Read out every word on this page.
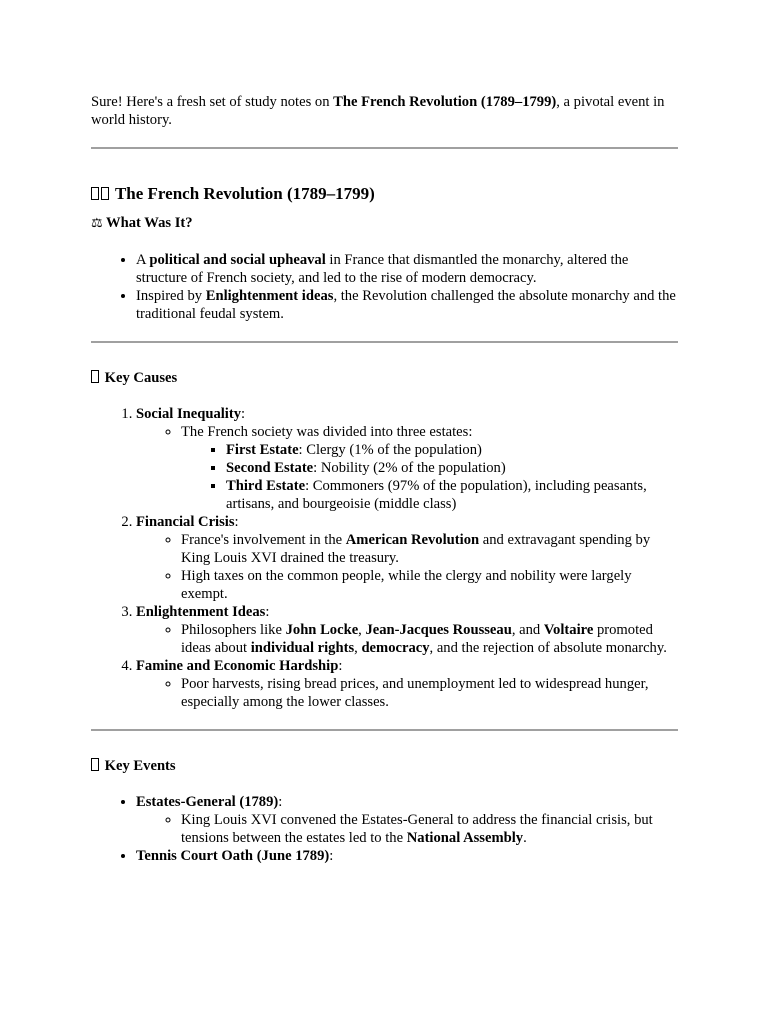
Sure! Here's a fresh set of study notes on The French Revolution (1789–1799), a pivotal event in world history.

The French Revolution (1789–1799)
⚖ What Was It?
• A political and social upheaval in France that dismantled the monarchy, altered the structure of French society, and led to the rise of modern democracy.
• Inspired by Enlightenment ideas, the Revolution challenged the absolute monarchy and the traditional feudal system.
Key Causes
1. Social Inequality:
◦ The French society was divided into three estates:
▪ First Estate: Clergy (1% of the population)
▪ Second Estate: Nobility (2% of the population)
▪ Third Estate: Commoners (97% of the population), including peasants, artisans, and bourgeoisie (middle class)
2. Financial Crisis:
◦ France's involvement in the American Revolution and extravagant spending by King Louis XVI drained the treasury.
◦ High taxes on the common people, while the clergy and nobility were largely exempt.
3. Enlightenment Ideas:
◦ Philosophers like John Locke, Jean-Jacques Rousseau, and Voltaire promoted ideas about individual rights, democracy, and the rejection of absolute monarchy.
4. Famine and Economic Hardship:
◦ Poor harvests, rising bread prices, and unemployment led to widespread hunger, especially among the lower classes.
Key Events
• Estates-General (1789):
◦ King Louis XVI convened the Estates-General to address the financial crisis, but tensions between the estates led to the National Assembly.
• Tennis Court Oath (June 1789):
